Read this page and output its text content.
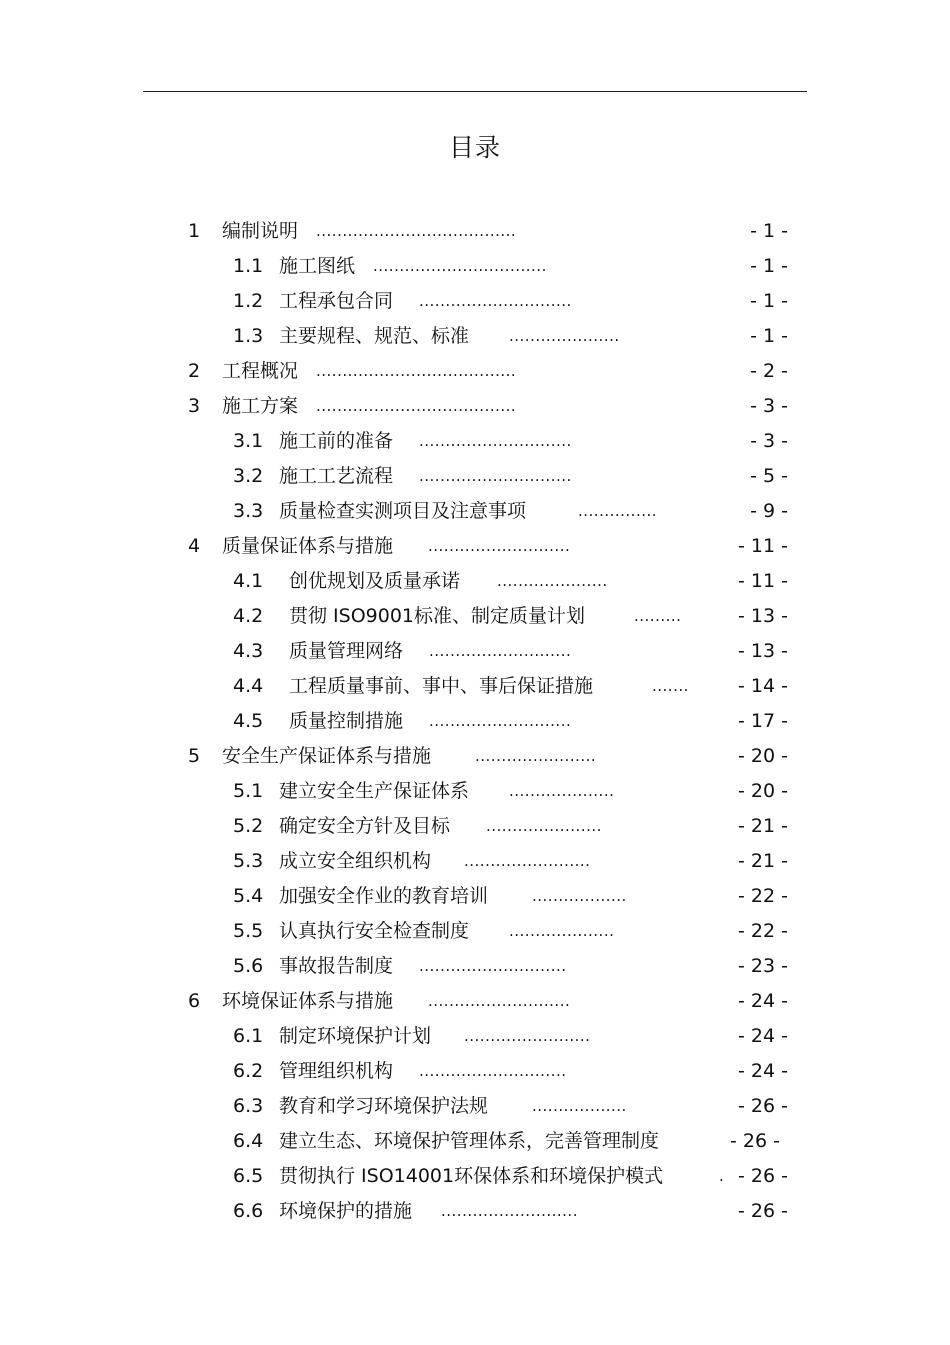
目录
1 编制说明 ......................................	- 1 -
1.1 施工图纸 .................................	- 1 -
1.2 工程承包合同 .............................	- 1 -
1.3 主要规程、规范、标准	.....................	- 1 -
2 工程概况 ......................................	- 2 -
3 施工方案 ......................................	- 3 -
3.1 施工前的准备 .............................	- 3 -
3.2 施工工艺流程 .............................	- 5 -
3.3 质量检查实测项目及注意事项	...............	- 9 -
4 质量保证体系与措施 ...........................	- 11 -
4.1 创优规划及质量承诺 .....................	- 11 -
4.2 贯彻 ISO9001标准、制定质量计划	.........	- 13 -
4.3 质量管理网络 ...........................	- 13 -
4.4 工程质量事前、事中、事后保证措施	.......	- 14 -
4.5 质量控制措施 ...........................	- 17 -
5 安全生产保证体系与措施	.......................	- 20 -
5.1 建立安全生产保证体系	....................	- 20 -
5.2 确定安全方针及目标 ......................	- 21 -
5.3 成立安全组织机构 ........................	- 21 -
5.4 加强安全作业的教育培训	..................	- 22 -
5.5 认真执行安全检查制度	....................	- 22 -
5.6 事故报告制度 ............................	- 23 -
6 环境保证体系与措施 ...........................	- 24 -
6.1 制定环境保护计划 ........................	- 24 -
6.2 管理组织机构 ............................	- 24 -
6.3 教育和学习环境保护法规	..................	- 26 -
6.4 建立生态、环境保护管理体系，完善管理制度	- 26 -
6.5 贯彻执行 ISO14001环保体系和环境保护模式	. - 26 -
6.6 环境保护的措施 ..........................	- 26 -
